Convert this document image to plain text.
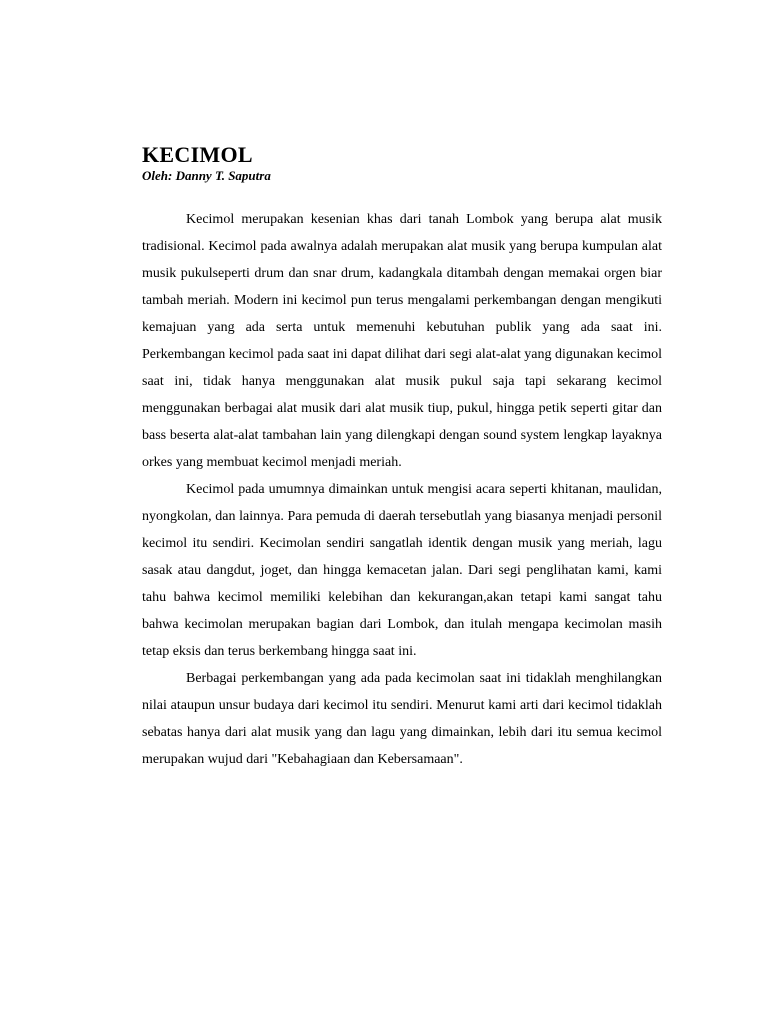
KECIMOL

Oleh: Danny T. Saputra

Kecimol merupakan kesenian khas dari tanah Lombok yang berupa alat musik tradisional. Kecimol pada awalnya adalah merupakan alat musik yang berupa kumpulan alat musik pukulseperti drum dan snar drum, kadangkala ditambah dengan memakai orgen biar tambah meriah. Modern ini kecimol pun terus mengalami perkembangan dengan mengikuti kemajuan yang ada serta untuk memenuhi kebutuhan publik yang ada saat ini. Perkembangan kecimol pada saat ini dapat dilihat dari segi alat-alat yang digunakan kecimol saat ini, tidak hanya menggunakan alat musik pukul saja tapi sekarang kecimol menggunakan berbagai alat musik dari alat musik tiup, pukul, hingga petik seperti gitar dan bass beserta alat-alat tambahan lain yang dilengkapi dengan sound system lengkap layaknya orkes yang membuat kecimol menjadi meriah.

Kecimol pada umumnya dimainkan untuk mengisi acara seperti khitanan, maulidan, nyongkolan, dan lainnya. Para pemuda di daerah tersebutlah yang biasanya menjadi personil kecimol itu sendiri. Kecimolan sendiri sangatlah identik dengan musik yang meriah, lagu sasak atau dangdut, joget, dan hingga kemacetan jalan. Dari segi penglihatan kami, kami tahu bahwa kecimol memiliki kelebihan dan kekurangan,akan tetapi kami sangat tahu bahwa kecimolan merupakan bagian dari Lombok, dan itulah mengapa kecimolan masih tetap eksis dan terus berkembang hingga saat ini.

Berbagai perkembangan yang ada pada kecimolan saat ini tidaklah menghilangkan nilai ataupun unsur budaya dari kecimol itu sendiri. Menurut kami arti dari kecimol tidaklah sebatas hanya dari alat musik yang dan lagu yang dimainkan, lebih dari itu semua kecimol merupakan wujud dari "Kebahagiaan dan Kebersamaan".
